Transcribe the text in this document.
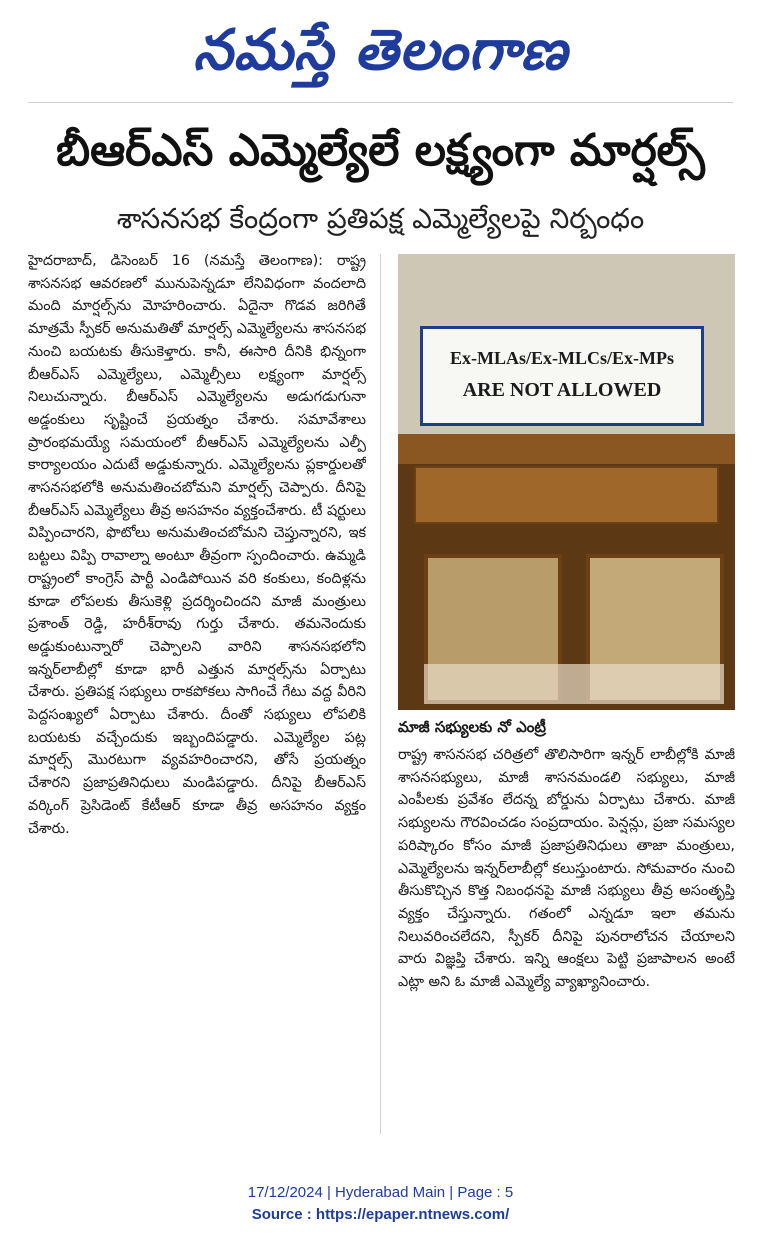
నమస్తే తెలంగాణ
బీఆర్ఎస్ ఎమ్మెల్యేలే లక్ష్యంగా మార్షల్స్
శాసనసభ కేంద్రంగా ప్రతిపక్ష ఎమ్మెల్యేలపై నిర్బంధం
హైదరాబాద్, డిసెంబర్ 16 (నమస్తే తెలంగాణ): రాష్ట్ర శాసనసభ ఆవరణలో మునుపెన్నడూ లేనివిధంగా వందలాది మంది మార్షల్స్‌ను మోహరించారు. ఏదైనా గొడవ జరిగితే మాత్రమే స్పీకర్ అనుమతితో మార్షల్స్ ఎమ్మెల్యేలను శాసనసభ నుంచి బయటకు తీసుకెళ్తారు. కానీ, ఈసారి దీనికి భిన్నంగా బీఆర్ఎస్ ఎమ్మెల్యేలు, ఎమ్మెల్సీలు లక్ష్యంగా మార్షల్స్ నిలుచున్నారు. బీఆర్ఎస్ ఎమ్మెల్యేలను అడుగడుగునా అడ్డంకులు సృష్టించే ప్రయత్నం చేశారు. సమావేశాలు ప్రారంభమయ్యే సమయంలో బీఆర్ఎస్ ఎమ్మెల్యేలను ఎల్పీ కార్యాలయం ఎదుటే అడ్డుకున్నారు. ఎమ్మెల్యేలను ప్లకార్డులతో శాసనసభలోకి అనుమతించబోమని మార్షల్స్ చెప్పారు. దీనిపై బీఆర్ఎస్ ఎమ్మెల్యేలు తీవ్ర అసహనం వ్యక్తంచేశారు. టీ షర్టులు విప్పించారని, ఫొటోలు అనుమతించబోమని చెప్తున్నారని, ఇక బట్టలు విప్పి రావాల్నా అంటూ తీవ్రంగా స్పందించారు. ఉమ్మడి రాష్ట్రంలో కాంగ్రెస్ పార్టీ ఎండిపోయిన వరి కంకులు, కందిళ్లను కూడా లోపలకు తీసుకెళ్లి ప్రదర్శించిందని మాజీ మంత్రులు ప్రశాంత్ రెడ్డి, హరీశ్‌రావు గుర్తు చేశారు. తమనెందుకు అడ్డుకుంటున్నారో చెప్పాలని వారిని శాసనసభలోని ఇన్నర్‌లాబీల్లో కూడా భారీ ఎత్తున మార్షల్స్‌ను ఏర్పాటు చేశారు. ప్రతిపక్ష సభ్యులు రాకపోకలు సాగించే గేటు వద్ద వీరిని పెద్దసంఖ్యలో ఏర్పాటు చేశారు. దీంతో సభ్యులు లోపలికి బయటకు వచ్చేందుకు ఇబ్బందిపడ్డారు. ఎమ్మెల్యేల పట్ల మార్షల్స్ మొరటుగా వ్యవహరించారని, తోసే ప్రయత్నం చేశారని ప్రజాప్రతినిధులు మండిపడ్డారు. దీనిపై బీఆర్ఎస్ వర్కింగ్ ప్రెసిడెంట్ కేటీఆర్ కూడా తీవ్ర అసహనం వ్యక్తం చేశారు.
Ex-MLAs/Ex-MLCs/Ex-MPs
ARE NOT ALLOWED
మాజీ సభ్యులకు నో ఎంట్రీ
రాష్ట్ర శాసనసభ చరిత్రలో తొలిసారిగా ఇన్నర్ లాబీల్లోకి మాజీ శాసనసభ్యులు, మాజీ శాసనమండలి సభ్యులు, మాజీ ఎంపీలకు ప్రవేశం లేదన్న బోర్డును ఏర్పాటు చేశారు. మాజీ సభ్యులను గౌరవించడం సంప్రదాయం. పెన్షన్లు, ప్రజా సమస్యల పరిష్కారం కోసం మాజీ ప్రజాప్రతినిధులు తాజా మంత్రులు, ఎమ్మెల్యేలను ఇన్నర్‌లాబీల్లో కలుస్తుంటారు. సోమవారం నుంచి తీసుకొచ్చిన కొత్త నిబంధనపై మాజీ సభ్యులు తీవ్ర అసంతృప్తి వ్యక్తం చేస్తున్నారు. గతంలో ఎన్నడూ ఇలా తమను నిలువరించలేదని, స్పీకర్ దీనిపై పునరాలోచన చేయాలని వారు విజ్ఞప్తి చేశారు. ఇన్ని ఆంక్షలు పెట్టి ప్రజాపాలన అంటే ఎట్లా అని ఓ మాజీ ఎమ్మెల్యే వ్యాఖ్యానించారు.
17/12/2024 | Hyderabad Main | Page : 5
Source : https://epaper.ntnews.com/
